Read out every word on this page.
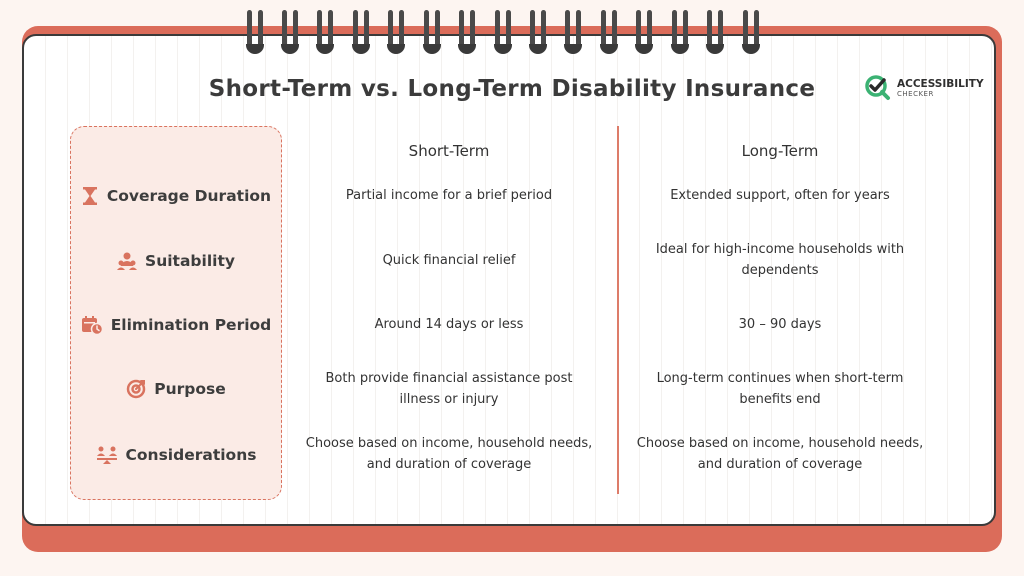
Short-Term vs. Long-Term Disability Insurance	ACCESSIBILITY
CHECKER
Coverage Duration
Suitability
Elimination Period
Purpose
Considerations
Short-Term	Long-Term
Partial income for a brief period
Quick financial relief
Around 14 days or less
Both provide financial assistance post illness or injury
Choose based on income, household needs, and duration of coverage
Extended support, often for years
Ideal for high-income households with dependents
30 – 90 days
Long-term continues when short-term benefits end
Choose based on income, household needs, and duration of coverage
